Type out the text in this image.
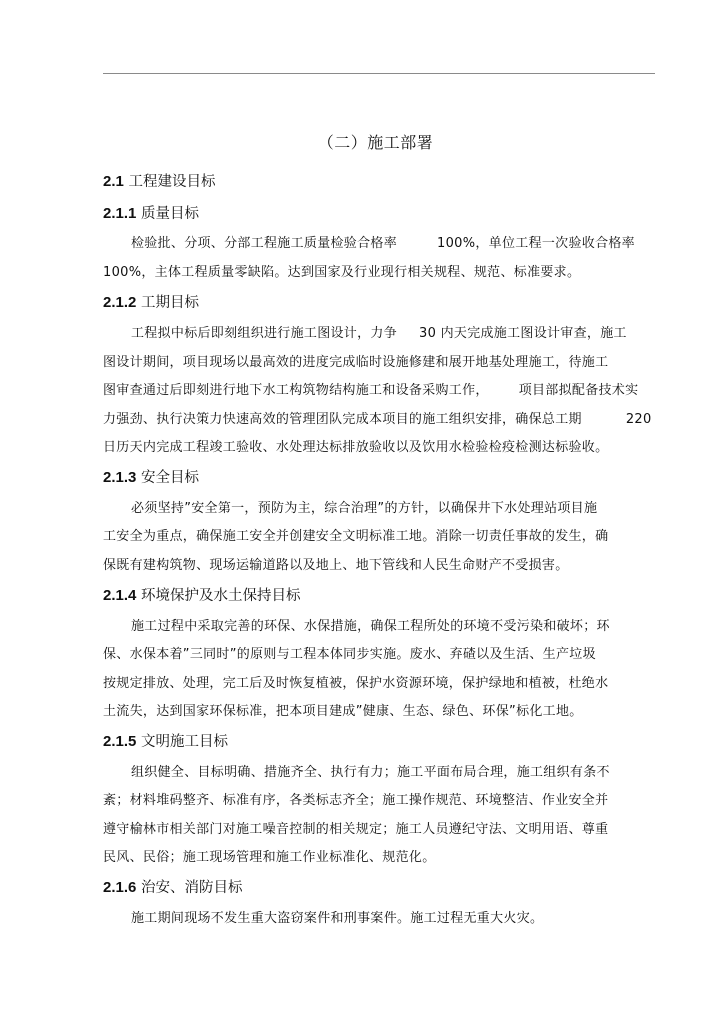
（二）施工部署
2.1 工程建设目标
2.1.1 质量目标
检验批、分项、分部工程施工质量检验合格率	100%，单位工程一次验收合格率
100%，主体工程质量零缺陷。达到国家及行业现行相关规程、规范、标准要求。
2.1.2 工期目标
工程拟中标后即刻组织进行施工图设计，力争 30 内天完成施工图设计审查，施工
图设计期间，项目现场以最高效的进度完成临时设施修建和展开地基处理施工，待施工
图审查通过后即刻进行地下水工构筑物结构施工和设备采购工作， 项目部拟配备技术实
力强劲、执行决策力快速高效的管理团队完成本项目的施工组织安排，确保总工期	220
日历天内完成工程竣工验收、水处理达标排放验收以及饮用水检验检疫检测达标验收。
2.1.3 安全目标
必须坚持”安全第一，预防为主，综合治理”的方针，以确保井下水处理站项目施
工安全为重点，确保施工安全并创建安全文明标准工地。消除一切责任事故的发生，确
保既有建构筑物、现场运输道路以及地上、地下管线和人民生命财产不受损害。
2.1.4 环境保护及水土保持目标
施工过程中采取完善的环保、水保措施，确保工程所处的环境不受污染和破坏；环
保、水保本着”三同时”的原则与工程本体同步实施。废水、弃碴以及生活、生产垃圾
按规定排放、处理，完工后及时恢复植被，保护水资源环境，保护绿地和植被，杜绝水
土流失，达到国家环保标准，把本项目建成”健康、生态、绿色、环保”标化工地。
2.1.5 文明施工目标
组织健全、目标明确、措施齐全、执行有力；施工平面布局合理，施工组织有条不
紊；材料堆码整齐、标准有序，各类标志齐全；施工操作规范、环境整洁、作业安全并
遵守榆林市相关部门对施工噪音控制的相关规定；施工人员遵纪守法、文明用语、尊重
民风、民俗；施工现场管理和施工作业标准化、规范化。
2.1.6 治安、消防目标
施工期间现场不发生重大盗窃案件和刑事案件。施工过程无重大火灾。
